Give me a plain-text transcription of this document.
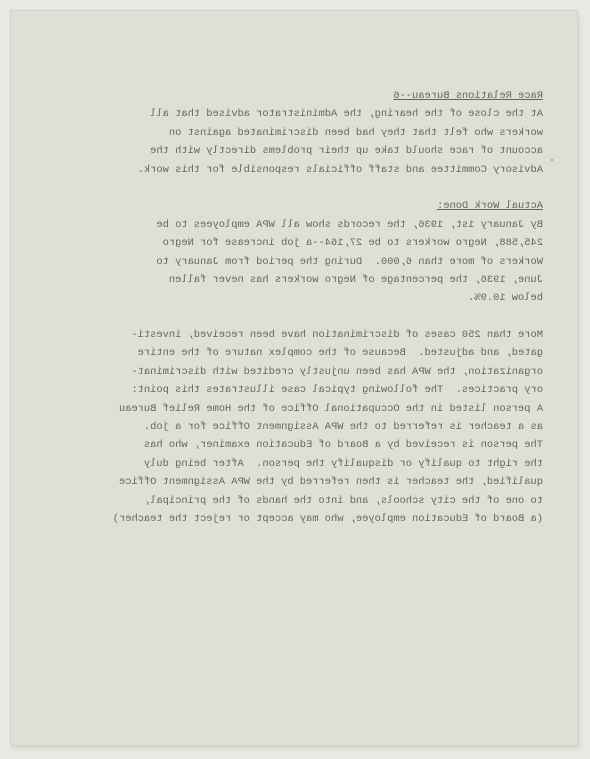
Race Relations Bureau--6
At the close of the hearing, the Administrator advised that all
workers who felt that they had been discriminated against on
account of race should take up their problems directly with the
Advisory Committee and staff officials responsible for this work.
Actual Work Done:
By January 1st, 1936, the records show all WPA employees to be
245,588, Negro workers to be 27,164--a job increase for Negro
Workers of more than 6,000.  During the period from January to
June, 1936, the percentage of Negro workers has never fallen
below 10.9%.
More than 250 cases of discrimination have been received, investi-
gated, and adjusted.  Because of the complex nature of the entire
organization, the WPA has been unjustly credited with discriminat-
ory practices.  The following typical case illustrates this point:
A person listed in the Occupational Office of the Home Relief Bureau
as a teacher is referred to the WPA Assignment Office for a job.
The person is received by a Board of Education examiner, who has
the right to qualify or disqualify the person.  After being duly
qualified, the teacher is then referred by the WPA Assignment Office
to one of the city schools, and into the hands of the principal,
(a Board of Education employee, who may accept or reject the teacher)
